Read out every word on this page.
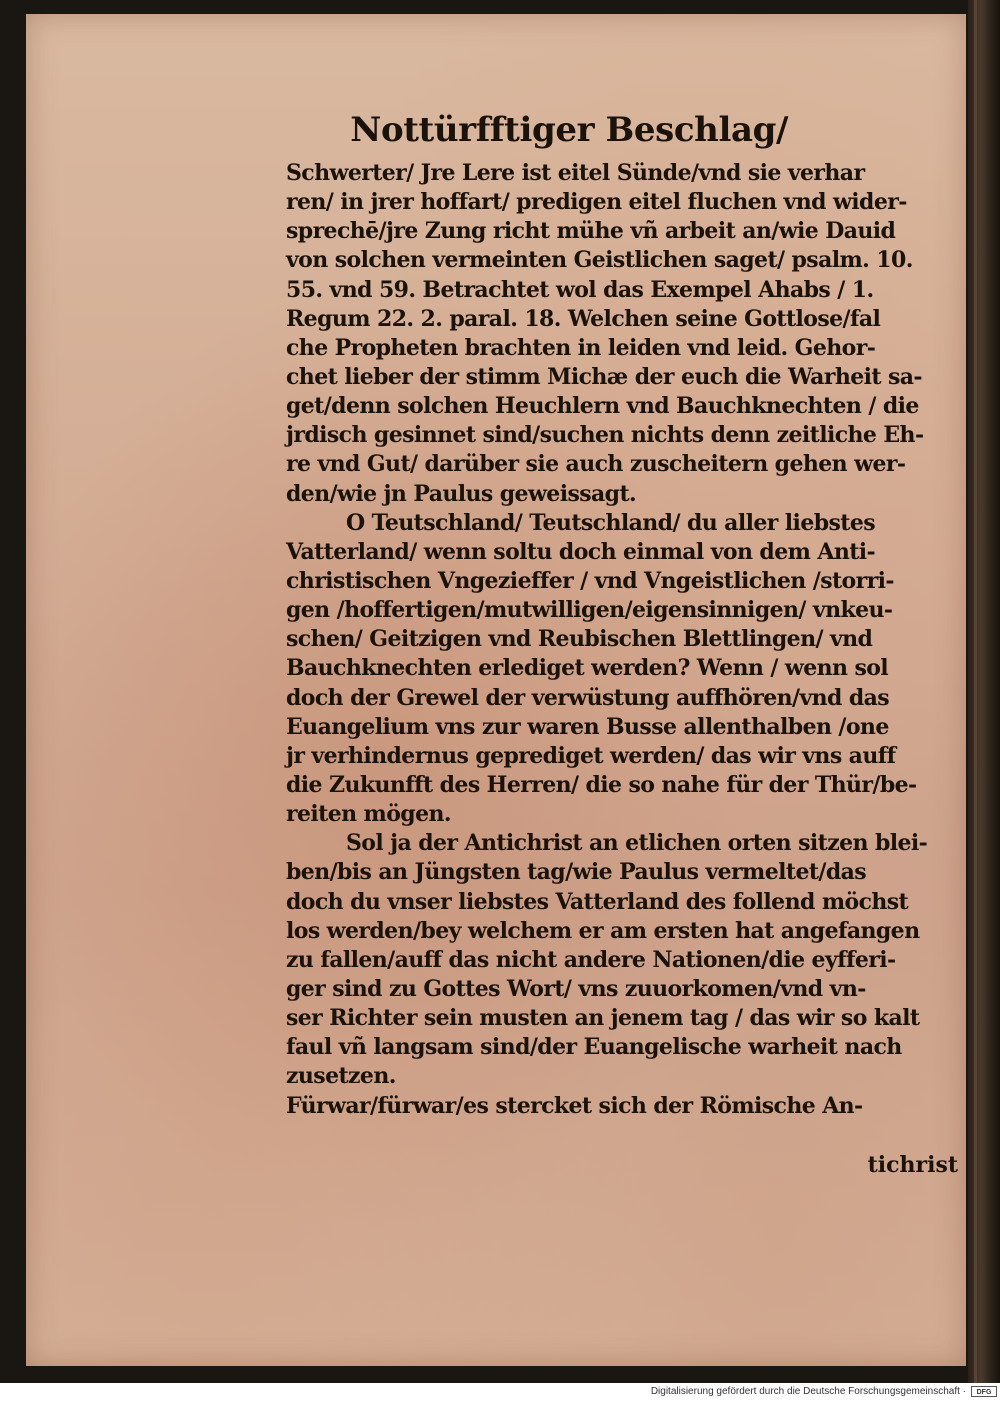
Nottürfftiger Beschlag/
Schwerter/ Jre Lere ist eitel Sünde/vnd sie verhar
ren/ in jrer hoffart/ predigen eitel fluchen vnd wider-
sprechē/jre Zung richt mühe vñ arbeit an/wie Dauid
von solchen vermeinten Geistlichen saget/ psalm. 10.
55. vnd 59. Betrachtet wol das Exempel Ahabs / 1.
Regum 22. 2. paral. 18. Welchen seine Gottlose/fal
che Propheten brachten in leiden vnd leid. Gehor-
chet lieber der stimm Michæ der euch die Warheit sa-
get/denn solchen Heuchlern vnd Bauchknechten / die
jrdisch gesinnet sind/suchen nichts denn zeitliche Eh-
re vnd Gut/ darüber sie auch zuscheitern gehen wer-
den/wie jn Paulus geweissagt.
O Teutschland/ Teutschland/ du aller liebstes
Vatterland/ wenn soltu doch einmal von dem Anti-
christischen Vngezieffer / vnd Vngeistlichen /storri-
gen /hoffertigen/mutwilligen/eigensinnigen/ vnkeu-
schen/ Geitzigen vnd Reubischen Blettlingen/ vnd
Bauchknechten erlediget werden? Wenn / wenn sol
doch der Grewel der verwüstung auffhören/vnd das
Euangelium vns zur waren Busse allenthalben /one
jr verhindernus geprediget werden/ das wir vns auff
die Zukunfft des Herren/ die so nahe für der Thür/be-
reiten mögen.
Sol ja der Antichrist an etlichen orten sitzen blei-
ben/bis an Jüngsten tag/wie Paulus vermeltet/das
doch du vnser liebstes Vatterland des follend möchst
los werden/bey welchem er am ersten hat angefangen
zu fallen/auff das nicht andere Nationen/die eyfferi-
ger sind zu Gottes Wort/ vns zuuorkomen/vnd vn-
ser Richter sein musten an jenem tag / das wir so kalt
faul vñ langsam sind/der Euangelische warheit nach
zusetzen.
Fürwar/fürwar/es stercket sich der Römische An-
tichrist
Digitalisierung gefördert durch die Deutsche Forschungsgemeinschaft ·	DFG
